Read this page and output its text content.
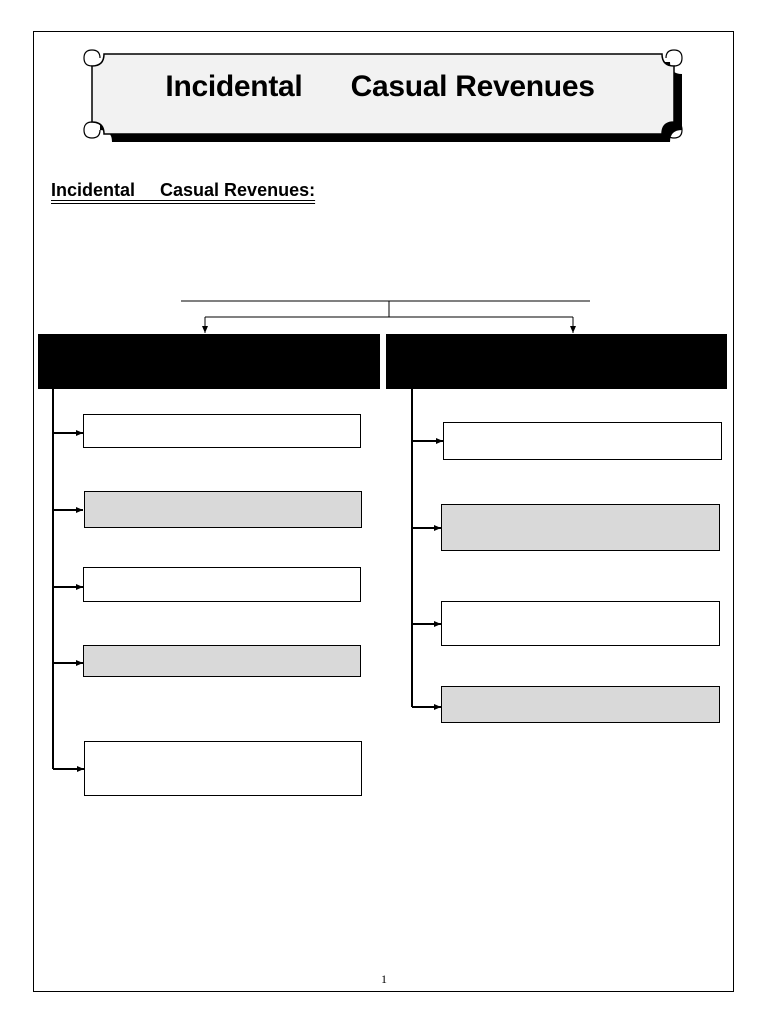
Incidental      Casual Revenues
Incidental     Casual Revenues:
1
